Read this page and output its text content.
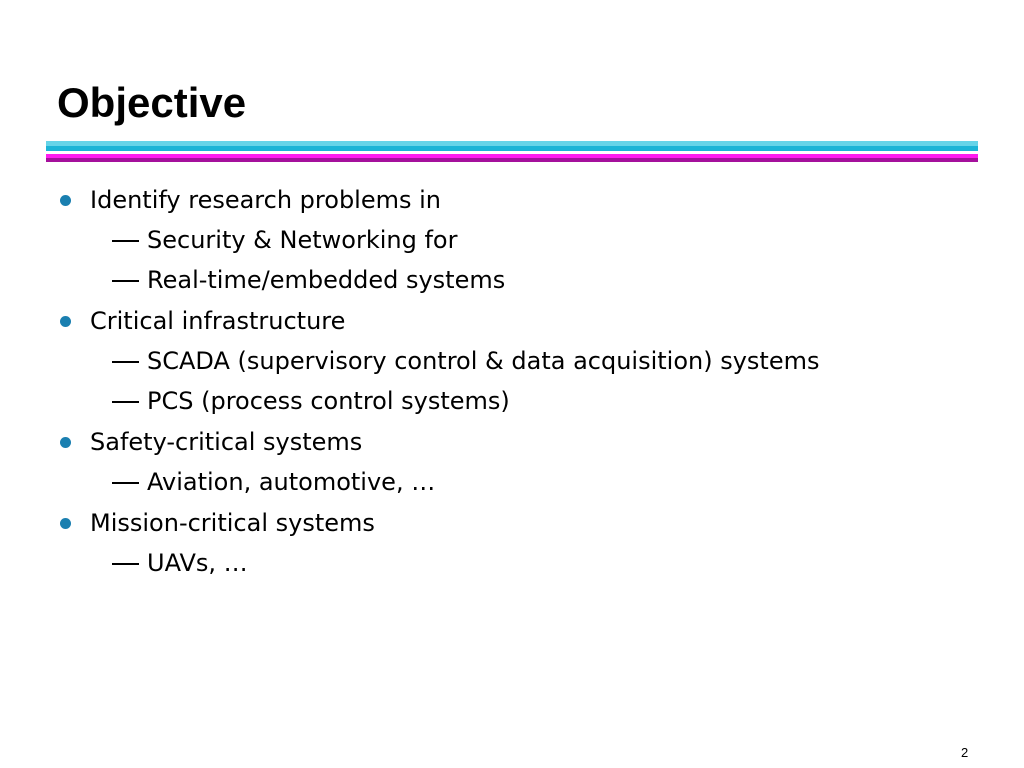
Objective
Identify research problems in
Security & Networking for
Real-time/embedded systems
Critical infrastructure
SCADA (supervisory control & data acquisition) systems
PCS (process control systems)
Safety-critical systems
Aviation, automotive, …
Mission-critical systems
UAVs, …
2
